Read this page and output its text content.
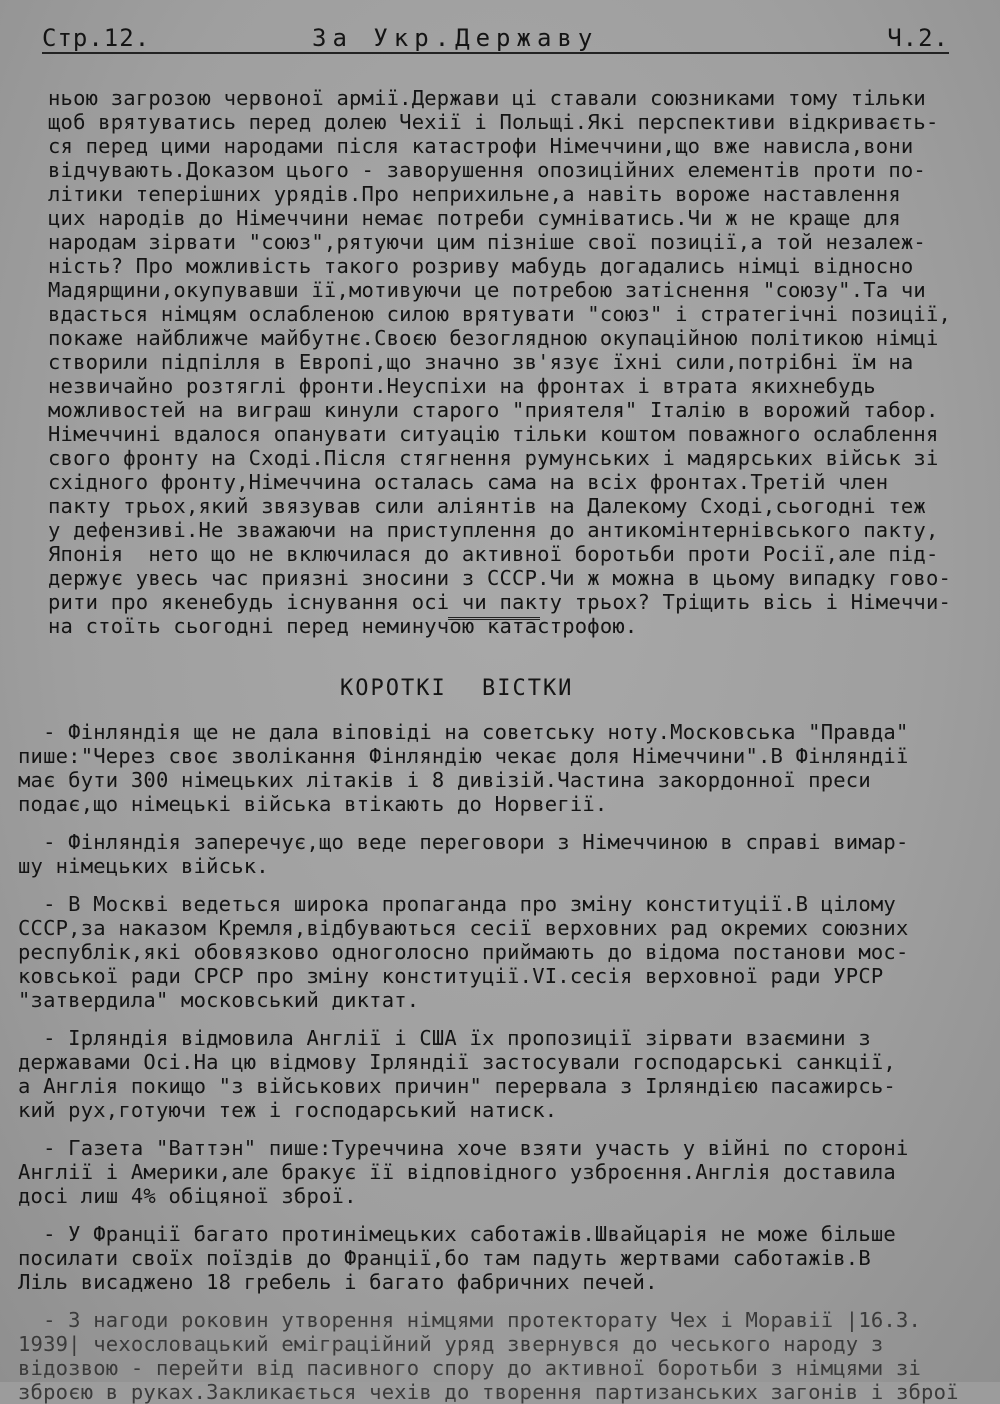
Стр.12.	За Укр.Державу	Ч.2.
ньою загрозою червоної армії.Держави ці ставали союзниками тому тільки
щоб врятуватись перед долею Чехії і Польщі.Які перспективи відкриваєть-
ся перед цими народами після катастрофи Німеччини,що вже нависла,вони
відчувають.Доказом цього - заворушення опозиційних елементів проти по-
літики теперішних урядів.Про неприхильне,а навіть вороже наставлення
цих народів до Німеччини немає потреби сумніватись.Чи ж не краще для
народам зірвати "союз",рятуючи цим пізніше свої позиції,а той незалеж-
ність? Про можливість такого розриву мабудь догадались німці відносно
Мадярщини,окупувавши її,мотивуючи це потребою затіснення "союзу".Та чи
вдасться німцям ослабленою силою врятувати "союз" і стратегічні позиції,
покаже найближче майбутнє.Своєю безоглядною окупаційною політикою німці
створили підпілля в Европі,що значно зв'язує їхні сили,потрібні їм на
незвичайно розтяглі фронти.Неуспіхи на фронтах і втрата якихнебудь
можливостей на виграш кинули старого "приятеля" Італію в ворожий табор.
Німеччині вдалося опанувати ситуацію тільки коштом поважного ослаблення
свого фронту на Сході.Після стягнення румунських і мадярських військ зі
східного фронту,Німеччина осталась сама на всіх фронтах.Третій член
пакту трьох,який звязував сили аліянтів на Далекому Сході,сьогодні теж
у дефензиві.Не зважаючи на приступлення до антикомінтернівського пакту,
Японія  нето що не включилася до активної боротьби проти Росії,але під-
держує увесь час приязні зносини з СССР.Чи ж можна в цьому випадку гово-
рити про якенебудь існування осі чи пакту трьох? Тріщить вісь і Німеччи-
на стоїть сьогодні перед неминучою катастрофою.
КОРОТКІ ВІСТКИ
- Фінляндія ще не дала віповіді на советську ноту.Московська "Правда"
пише:"Через своє зволікання Фінляндію чекає доля Німеччини".В Фінляндії
має бути 300 німецьких літаків і 8 дивізій.Частина закордонної преси
подає,що німецькі війська втікають до Норвегії.
- Фінляндія заперечує,що веде переговори з Німеччиною в справі вимар-
шу німецьких військ.
- В Москві ведеться широка пропаганда про зміну конституції.В цілому
СССР,за наказом Кремля,відбуваються сесії верховних рад окремих союзних
республік,які обовязково одноголосно приймають до відома постанови мос-
ковської ради СРСР про зміну конституції.VI.сесія верховної ради УРСР
"затвердила" московський диктат.
- Ірляндія відмовила Англії і США їх пропозиції зірвати взаємини з
державами Осі.На цю відмову Ірляндії застосували господарські санкції,
а Англія покищо "з військових причин" перервала з Ірляндією пасажирсь-
кий рух,готуючи теж і господарський натиск.
- Газета "Ваттэн" пише:Туреччина хоче взяти участь у війні по стороні
Англії і Америки,але бракує її відповідного узброєння.Англія доставила
досі лиш 4% обіцяної зброї.
- У Франції багато протинімецьких саботажів.Швайцарія не може більше
посилати своїх поїздів до Франції,бо там падуть жертвами саботажів.В
Ліль висаджено 18 гребель і багато фабричних печей.
- З нагоди роковин утворення німцями протекторату Чех і Моравії |16.3.
1939| чехословацький еміграційний уряд звернувся до чеського народу з
відозвою - перейти від пасивного спору до активної боротьби з німцями зі
зброєю в руках.Закликається чехів до творення партизанських загонів і зброї
